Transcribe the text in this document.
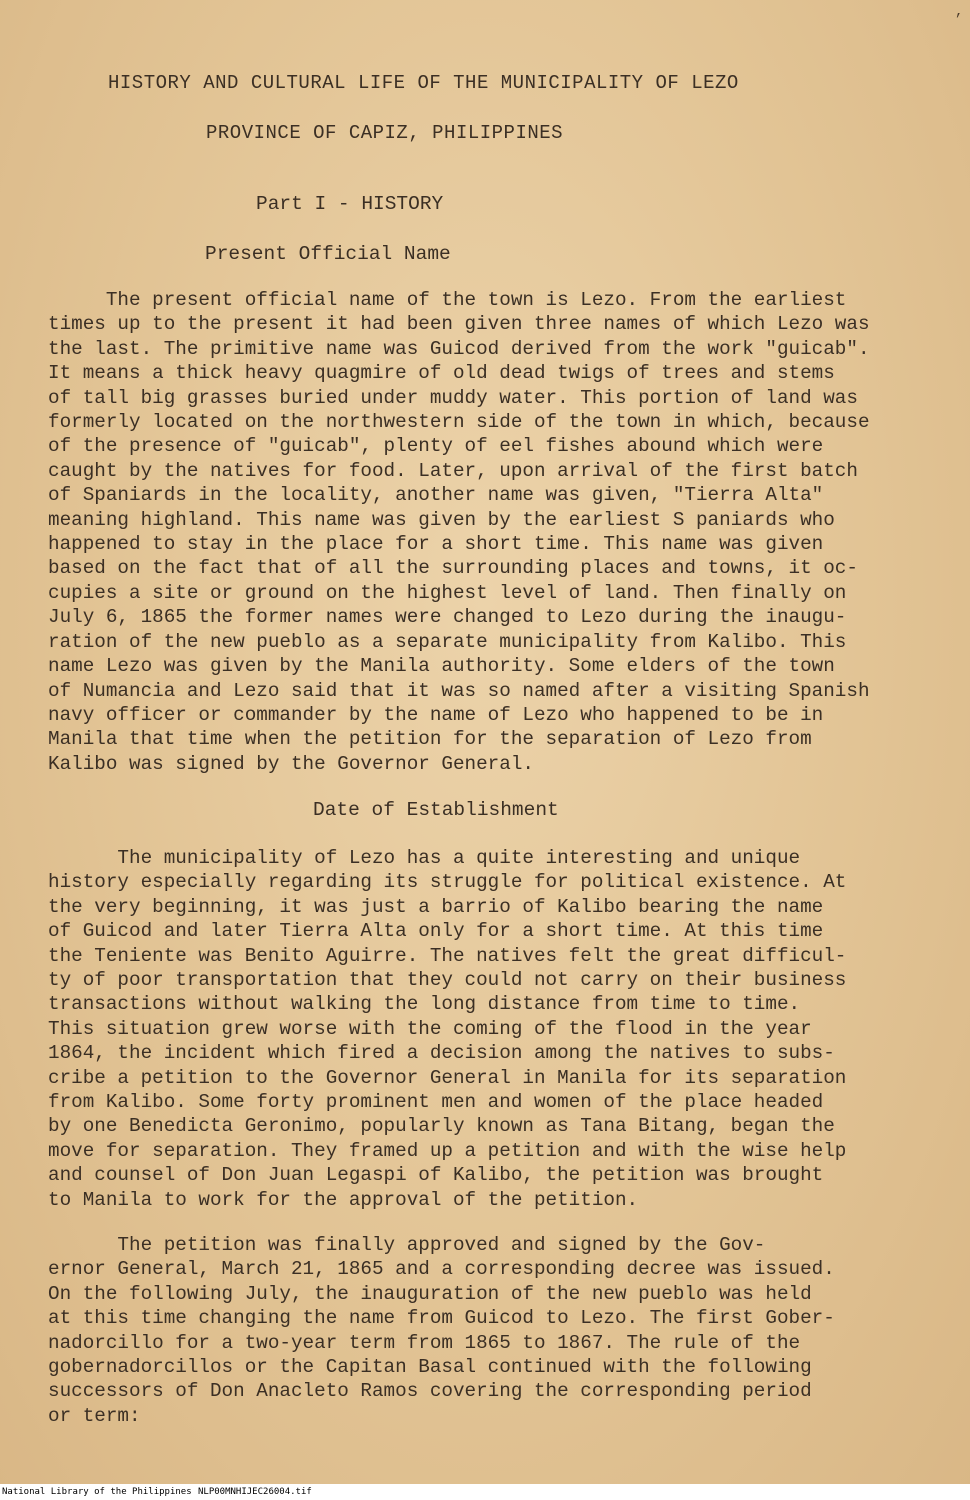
HISTORY AND CULTURAL LIFE OF THE MUNICIPALITY OF LEZO
PROVINCE OF CAPIZ, PHILIPPINES
Part I - HISTORY
Present Official Name
The present official name of the town is Lezo. From the earliest
times up to the present it had been given three names of which Lezo was
the last. The primitive name was Guicod derived from the work "guicab".
It means a thick heavy quagmire of old dead twigs of trees and stems
of tall big grasses buried under muddy water. This portion of land was
formerly located on the northwestern side of the town in which, because
of the presence of "guicab", plenty of eel fishes abound which were
caught by the natives for food. Later, upon arrival of the first batch
of Spaniards in the locality, another name was given, "Tierra Alta"
meaning highland. This name was given by the earliest S paniards who
happened to stay in the place for a short time. This name was given
based on the fact that of all the surrounding places and towns, it oc-
cupies a site or ground on the highest level of land. Then finally on
July 6, 1865 the former names were changed to Lezo during the inaugu-
ration of the new pueblo as a separate municipality from Kalibo. This
name Lezo was given by the Manila authority. Some elders of the town
of Numancia and Lezo said that it was so named after a visiting Spanish
navy officer or commander by the name of Lezo who happened to be in
Manila that time when the petition for the separation of Lezo from
Kalibo was signed by the Governor General.
Date of Establishment
The municipality of Lezo has a quite interesting and unique
history especially regarding its struggle for political existence. At
the very beginning, it was just a barrio of Kalibo bearing the name
of Guicod and later Tierra Alta only for a short time. At this time
the Teniente was Benito Aguirre. The natives felt the great difficul-
ty of poor transportation that they could not carry on their business
transactions without walking the long distance from time to time.
This situation grew worse with the coming of the flood in the year
1864, the incident which fired a decision among the natives to subs-
cribe a petition to the Governor General in Manila for its separation
from Kalibo. Some forty prominent men and women of the place headed
by one Benedicta Geronimo, popularly known as Tana Bitang, began the
move for separation. They framed up a petition and with the wise help
and counsel of Don Juan Legaspi of Kalibo, the petition was brought
to Manila to work for the approval of the petition.
The petition was finally approved and signed by the Gov-
ernor General, March 21, 1865 and a corresponding decree was issued.
On the following July, the inauguration of the new pueblo was held
at this time changing the name from Guicod to Lezo. The first Gober-
nadorcillo for a two-year term from 1865 to 1867. The rule of the
gobernadorcillos or the Capitan Basal continued with the following
successors of Don Anacleto Ramos covering the corresponding period
or term:
,
National Library of the Philippines NLP00MNHIJEC26004.tif
